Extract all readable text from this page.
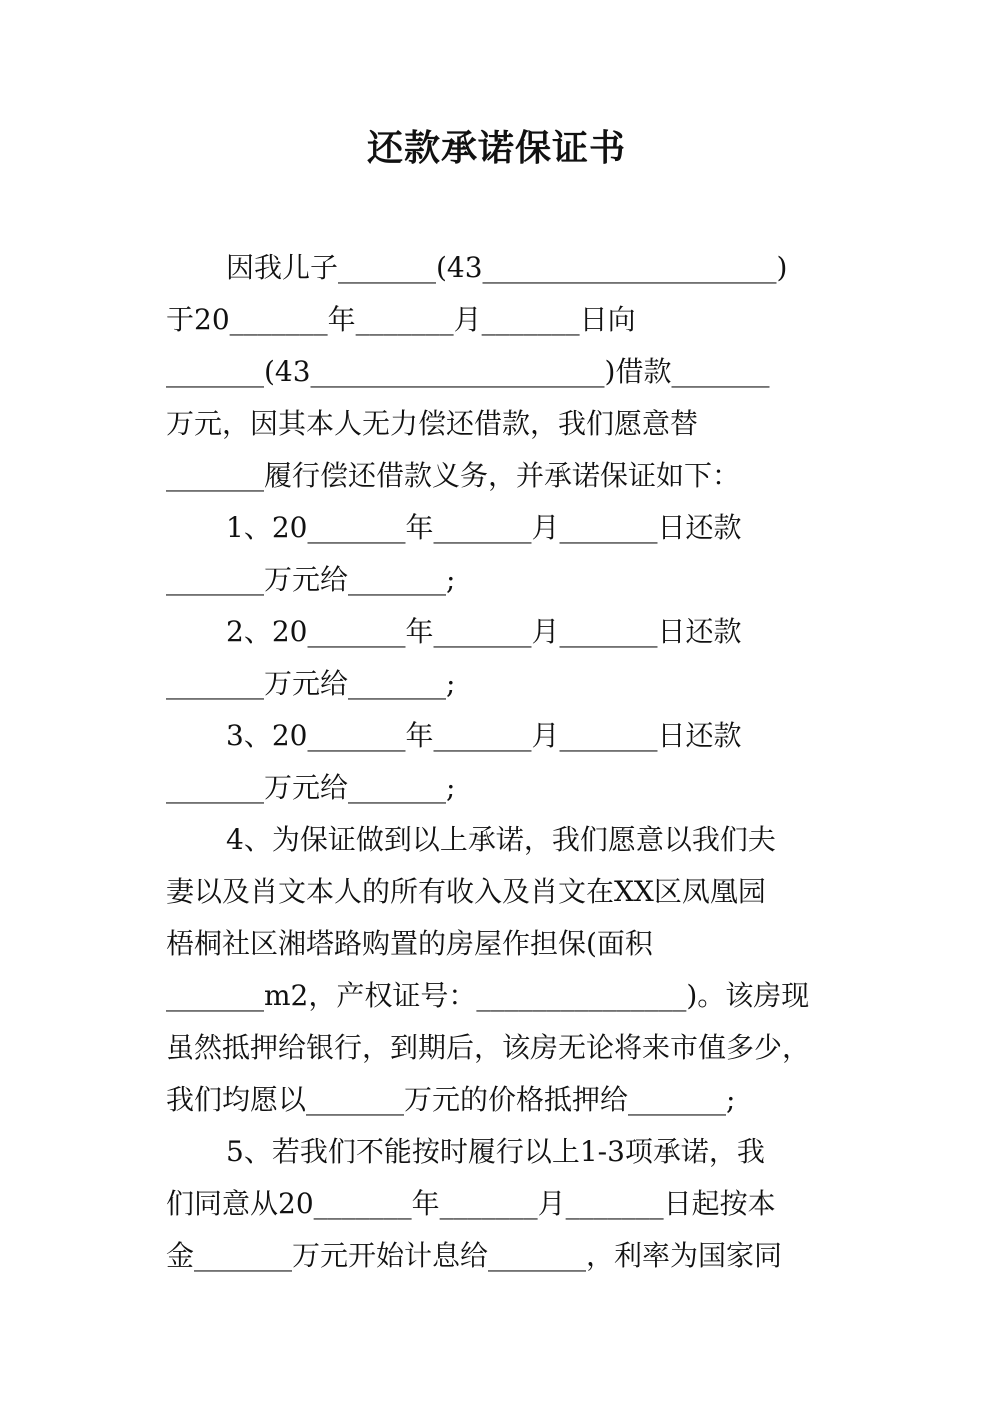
还款承诺保证书
因我儿子_______(43_____________________)
于20_______年_______月_______日向
_______(43_____________________)借款_______
万元，因其本人无力偿还借款，我们愿意替
_______履行偿还借款义务，并承诺保证如下：
1、20_______年_______月_______日还款
_______万元给_______;
2、20_______年_______月_______日还款
_______万元给_______;
3、20_______年_______月_______日还款
_______万元给_______;
4、为保证做到以上承诺，我们愿意以我们夫
妻以及肖文本人的所有收入及肖文在XX区凤凰园
梧桐社区湘塔路购置的房屋作担保(面积
_______m2，产权证号：_______________)。该房现
虽然抵押给银行，到期后，该房无论将来市值多少，
我们均愿以_______万元的价格抵押给_______;
5、若我们不能按时履行以上1-3项承诺，我
们同意从20_______年_______月_______日起按本
金_______万元开始计息给_______，利率为国家同
